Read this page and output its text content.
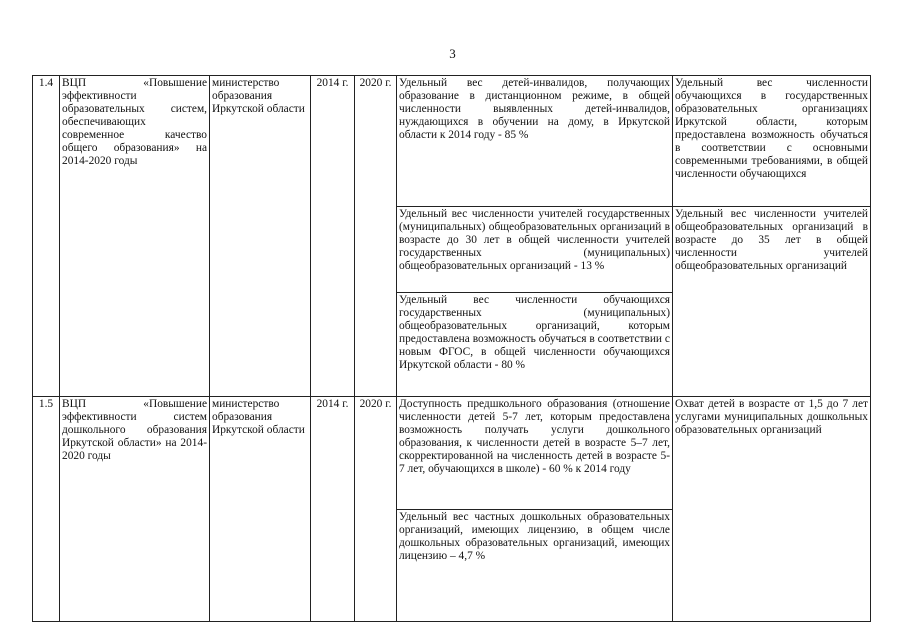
3
1.4	ВЦП «Повышение эффективности образовательных систем, обеспечивающих современное качество общего образования» на 2014-2020 годы	министерство образования Иркутской области	2014 г.	2020 г.	Удельный вес детей-инвалидов, получающих образование в дистанционном режиме, в общей численности выявленных детей-инвалидов, нуждающихся в обучении на дому, в Иркутской области к 2014 году - 85 %	Удельный вес численности обучающихся в государственных образовательных организациях Иркутской области, которым предоставлена возможность обучаться в соответствии с основными современными требованиями, в общей численности обучающихся
					Удельный вес численности учителей государственных (муниципальных) общеобразовательных организаций в возрасте до 30 лет в общей численности учителей государственных (муниципальных) общеобразовательных организаций - 13 %	Удельный вес численности учителей общеобразовательных организаций в возрасте до 35 лет в общей численности учителей общеобразовательных организаций
					Удельный вес численности обучающихся государственных (муниципальных) общеобразовательных организаций, которым предоставлена возможность обучаться в соответствии с новым ФГОС, в общей численности обучающихся Иркутской области - 80 %	
1.5	ВЦП «Повышение эффективности систем дошкольного образования Иркутской области» на 2014-2020 годы	министерство образования Иркутской области	2014 г.	2020 г.	Доступность предшкольного образования (отношение численности детей 5-7 лет, которым предоставлена возможность получать услуги дошкольного образования, к численности детей в возрасте 5–7 лет, скорректированной на численность детей в возрасте 5-7 лет, обучающихся в школе) - 60 % к 2014 году	Охват детей в возрасте от 1,5 до 7 лет услугами муниципальных дошкольных образовательных организаций
					Удельный вес частных дошкольных образовательных организаций, имеющих лицензию, в общем числе дошкольных образовательных организаций, имеющих лицензию – 4,7 %	
